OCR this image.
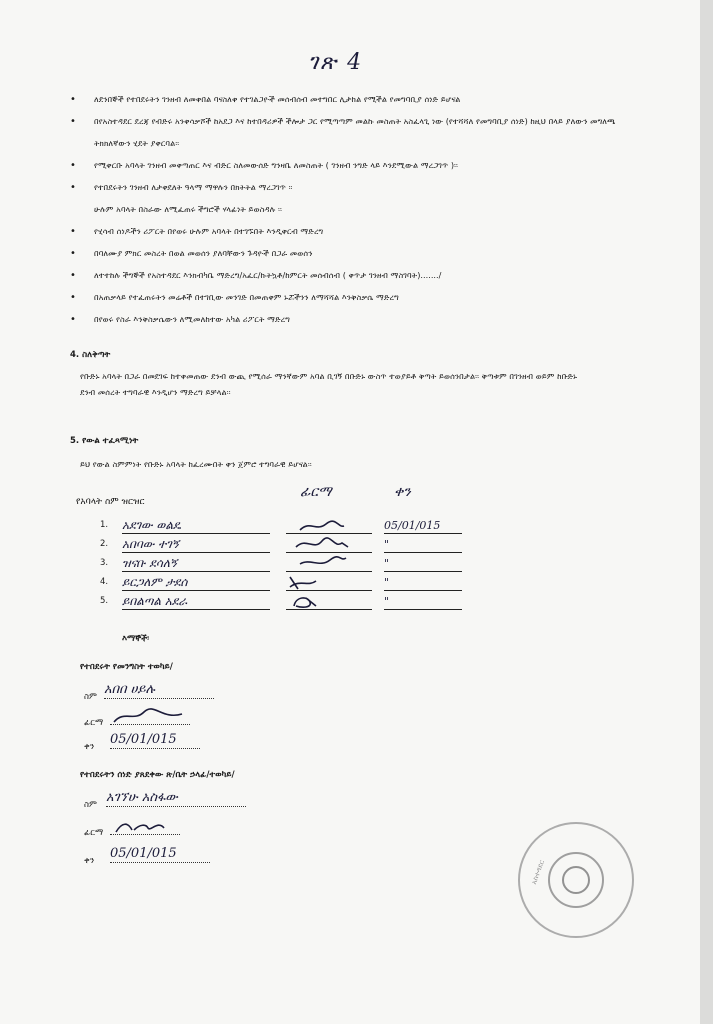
ገጽ 4
• ለደንበኞች የተበደሩትን ገንዘብ ለመቀበል ባናስለቀ የተገልጋዮች መሰብሰብ መተግበር ሊታከል የሚችል የመግባቢያ ሰነድ ይሆናል
• በየአስተዳደር ደረጃ የብድሩ አንቀሳቃሾች ከአደጋ እና ከተበዳሪዎች ችሎታ ጋር የሚጣጣም መልኩ መስጠት አስፈላጊ ነው (የተሻሻለ የመግባቢያ ሰነድ) ከዚህ በላይ ያለውን መግለጫ
ትክክለኛውን ሂደት ያቀርባል፡፡
• የሚቀርቡ አባላት ገንዘብ መቀጣጠር እና ብድር ስለመውሰድ ግንዛቤ ለመስጠት ( ገንዘብ ንግድ ላይ እንደሚውል ማረጋገጥ )፡፡
• የተበደሩትን ገንዘብ ለታቀደለት ዓላማ ማዋሉን በክትትል ማረጋገጥ ፡፡
ሁሉም አባላት በስራው ለሚፈጠሩ ችግሮች ሃላፊነት ይወስዳሉ ፡፡
• የሂሳብ ሰነዶችን ሪፖርት በየወሩ ሁሉም አባላት በተገኙበት እንዲቀርብ ማድረግ
• በባለሙያ ምክር መስረት በወል መወሰን ያለባቸውን ጉዳዮች በጋራ መወሰን
• ለተተከሉ ችግኞች የአስተዳደር እንክብካቤ ማድረግ/አፈር/ኩትኳቶ/ከምርት መሰብሰብ ( ቀጥታ ገንዘብ ማስገባት)......./
• በአጠቃላይ የተፈጠሩትን መሬቶች በተገቢው መንገድ በመጠቀም ኑሯችንን ለማሻሻል እንቅስቃሴ ማድረግ
• በየወሩ የስራ እንቅስቃሴውን ለሚመለከተው አካል ሪፖርት ማድረግ
4. ስለቅጣት
የቡድኑ አባላት በጋራ በመደገፍ ከተቀመጠው ደንብ ውጪ የሚሰራ ማንኛውም አባል ቢገኝ በቡድኑ ውስጥ ተወያይቶ ቅጣት ይወሰንበታል፡፡ ቅጣቱም በገንዘብ ወይም ከቡድኑ
ደንብ መሰረት ተግባራዊ እንዲሆን ማድረግ ይቻላል፡፡
5. የውል ተፈጻሚነት
ይህ የውል ስምምነት የቡድኑ አባላት ከፈረሙበት ቀን ጀምሮ ተግባራዊ ይሆናል፡፡
የአባላት ስም ዝርዝር
ፊርማ	ቀን
1. አደገው ወልዴ	05/01/015
2. አበባው ተገኝ	"
3. ዝናቡ ደሳለኝ	"
4. ይርጋለም ታደሰ	"
5. ይበልጣል አደራ	"
እማኞች፡
የተበደሩት የመንግስት ተወካይ/
ስም አበበ ሀይሉ
ፊርማ
ቀን 05/01/015
የተበደሩትን ሰነድ ያጸደቀው ጽ/ቤት ኃላፊ/ተወካይ/
ስም አገኘሁ አስፋው
ፊርማ
ቀን 05/01/015
አስተዳደር
